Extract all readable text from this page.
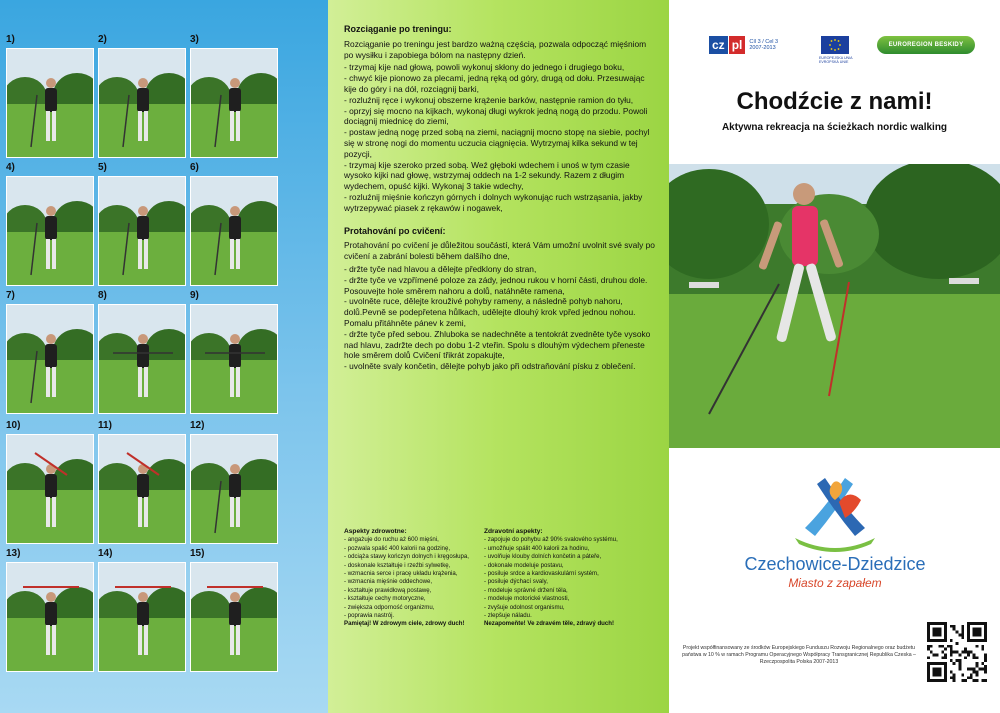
1)	2)	3)
4)	5)	6)
7)	8)	9)
10)	11)	12)
13)	14)	15)
Rozciąganie po treningu:
Rozciąganie po treningu jest bardzo ważną częścią, pozwala odpocząć mięśniom po wysiłku i zapobiega bólom na następny dzień.
- trzymaj kije nad głową, powoli wykonuj skłony do jednego i drugiego boku,
- chwyć kije pionowo za plecami, jedną ręką od góry, drugą od dołu. Przesuwając kije do góry i na dół, rozciągnij barki,
- rozluźnij ręce i wykonuj obszerne krążenie barków, następnie ramion do tyłu,
- oprzyj się mocno na kijkach, wykonaj długi wykrok jedną nogą do przodu. Powoli dociągnij miednicę do ziemi,
- postaw jedną nogę przed sobą na ziemi, naciągnij mocno stopę na siebie, pochyl się w stronę nogi do momentu uczucia ciągnięcia. Wytrzymaj kilka sekund w tej pozycji,
- trzymaj kije szeroko przed sobą. Weź głęboki wdechem i unoś w tym czasie wysoko kijki nad głowę, wstrzymaj oddech na 1-2 sekundy. Razem z długim wydechem, opuść kijki. Wykonaj 3 takie wdechy,
- rozluźnij mięśnie kończyn górnych i dolnych wykonując ruch wstrząsania, jakby wytrzepywać piasek z rękawów i nogawek,
Protahování po cvičení:
Protahování po cvičení je důležitou součástí, která Vám umožní uvolnit své svaly po cvičení a zabrání bolesti během dalšího dne,
- držte tyče nad hlavou a dělejte předklony do stran,
- držte tyče ve vzpřímené poloze za zády, jednou rukou v horní části, druhou dole. Posouvejte hole směrem nahoru a dolů, natáhněte ramena,
- uvolněte ruce, dělejte krouživé pohyby rameny, a následně pohyb nahoru, dolů.Pevně se podepřetena hůlkach, udělejte dlouhý krok vpřed jednou nohou. Pomalu přitáhněte pánev k zemi,
- držte tyče před sebou. Zhluboka se nadechněte a tentokrát zvedněte tyče vysoko nad hlavu, zadržte dech po dobu 1-2 vteřin. Spolu s dlouhým výdechem přeneste hole směrem dolů Cvičení třikrát zopakujte,
- uvolněte svaly končetin, dělejte pohyb jako při odstraňování písku z oblečení.
Aspekty zdrowotne:
- angażuje do ruchu aż 600 mięśni,
- pozwala spalić 400 kalorii na godzinę,
- odciąża stawy kończyn dolnych i kręgosłupa,
- doskonale kształtuje i rzeźbi sylwetkę,
- wzmacnia serce i pracę układu krążenia,
- wzmacnia mięśnie oddechowe,
- kształtuje prawidłową postawę,
- kształtuje cechy motoryczne,
- zwiększa odporność organizmu,
- poprawia nastrój.
Pamiętaj! W zdrowym ciele, zdrowy duch!
Zdravotní aspekty:
- zapojuje do pohybu až 90% svalového systému,
- umožňuje spálit 400 kalorii za hodinu,
- uvolňuje klouby dolních končetin a páteře,
- dokonale modeluje postavu,
- posiluje srdce a kardiovaskulární systém,
- posiluje dýchací svaly,
- modeluje správné držení těla,
- modeluje motorické vlastnosti,
- zvyšuje odolnost organismu,
- zlepšuje náladu.
Nezapomeňte! Ve zdravém těle, zdravý duch!
cz pl	Cíl 3 / Cel 3
2007-2013
EUROPEJSKA UNIA
EVROPSKÁ UNIE
EUROREGION BESKIDY
Chodźcie z nami!
Aktywna rekreacja na ścieżkach nordic walking
Czechowice-Dziedzice
Miasto z zapałem
Projekt współfinansowany ze środków Europejskiego Funduszu Rozwoju Regionalnego oraz budżetu państwa w 10 % w ramach Programu Operacyjnego Współpracy Transgranicznej Republika Czeska – Rzeczpospolita Polska 2007-2013
